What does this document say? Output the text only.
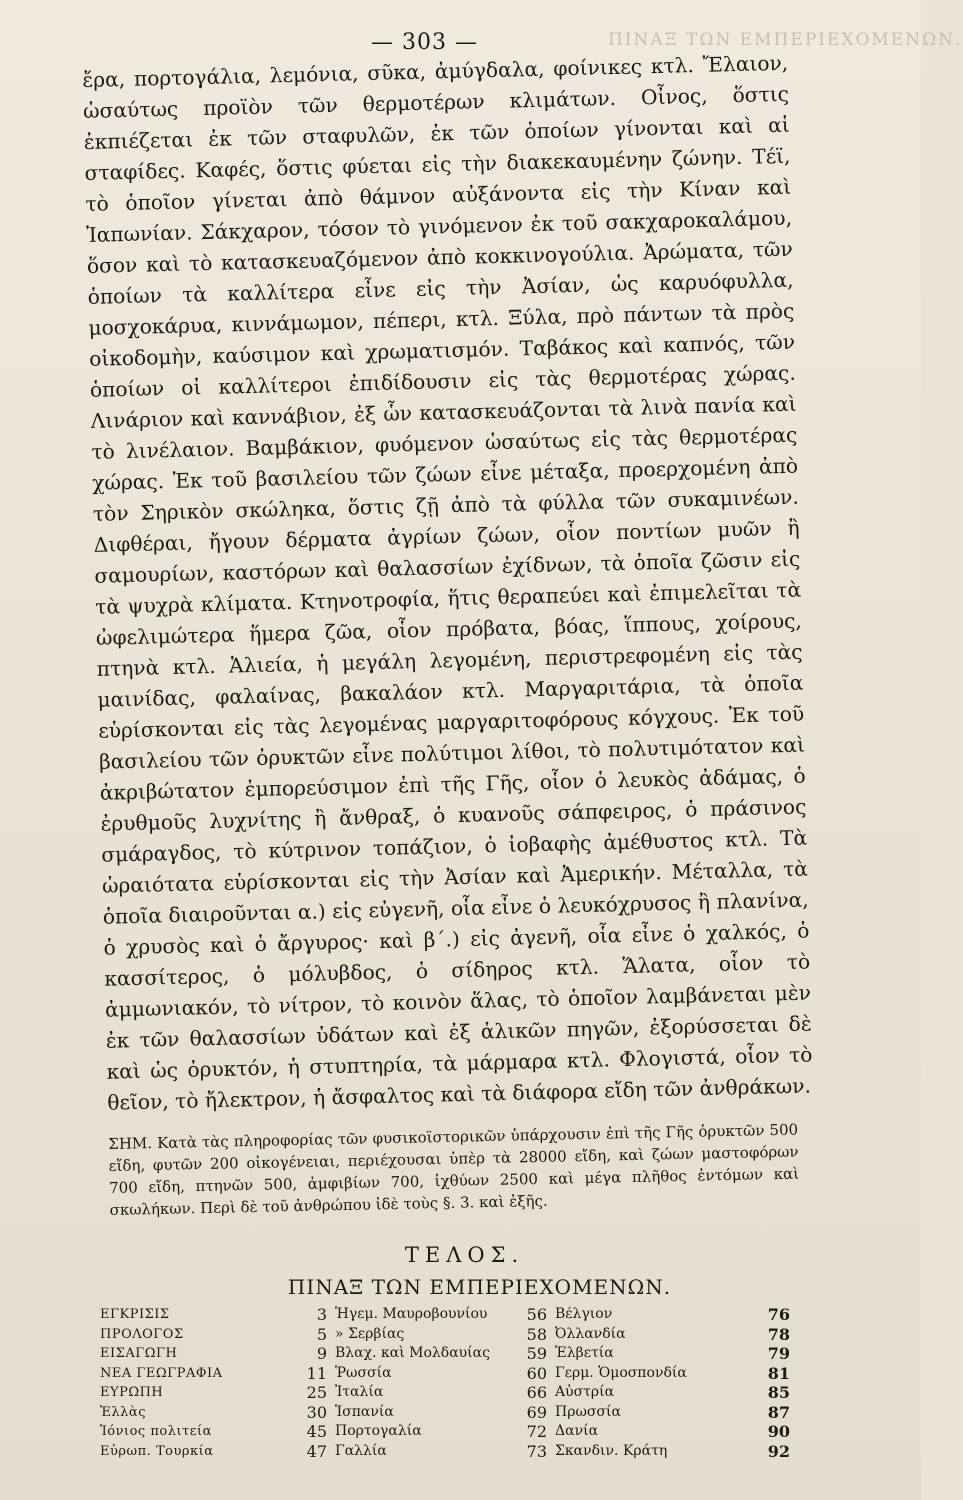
ΠΙΝΑΞ ΤΩΝ ΕΜΠΕΡΙΕΧΟΜΕΝΩΝ.
— 303 —

ἔρα, πορτογάλια, λεμόνια, σῦκα, ἀμύγδαλα, φοίνικες κτλ. Ἔλαιον, ὡσαύτως προϊὸν τῶν θερμοτέρων κλιμάτων. Οἶνος, ὅστις ἐκπιέζεται ἐκ τῶν σταφυλῶν, ἐκ τῶν ὁποίων γίνονται καὶ αἱ σταφίδες. Καφές, ὅστις φύεται εἰς τὴν διακεκαυμένην ζώνην. Τέϊ, τὸ ὁποῖον γίνεται ἀπὸ θάμνον αὐξάνοντα εἰς τὴν Κίναν καὶ Ἰαπωνίαν. Σάκχαρον, τόσον τὸ γινόμενον ἐκ τοῦ σακχαροκαλάμου, ὅσον καὶ τὸ κατασκευαζόμενον ἀπὸ κοκκινογούλια. Ἀρώματα, τῶν ὁποίων τὰ καλλίτερα εἶνε εἰς τὴν Ἀσίαν, ὡς καρυόφυλλα, μοσχοκάρυα, κιννάμωμον, πέπερι, κτλ. Ξύλα, πρὸ πάντων τὰ πρὸς οἰκοδομὴν, καύσιμον καὶ χρωματισμόν. Ταβάκος καὶ καπνός, τῶν ὁποίων οἱ καλλίτεροι ἐπιδίδουσιν εἰς τὰς θερμοτέρας χώρας. Λινάριον καὶ καννάβιον, ἐξ ὧν κατασκευάζονται τὰ λινὰ πανία καὶ τὸ λινέλαιον. Βαμβάκιον, φυόμενον ὡσαύτως εἰς τὰς θερμοτέρας χώρας. Ἐκ τοῦ βασιλείου τῶν ζώων εἶνε μέταξα, προερχομένη ἀπὸ τὸν Σηρικὸν σκώληκα, ὅστις ζῇ ἀπὸ τὰ φύλλα τῶν συκαμινέων. Διφθέραι, ἤγουν δέρματα ἀγρίων ζώων, οἷον ποντίων μυῶν ἢ σαμουρίων, καστόρων καὶ θαλασσίων ἐχίδνων, τὰ ὁποῖα ζῶσιν εἰς τὰ ψυχρὰ κλίματα. Κτηνοτροφία, ἥτις θεραπεύει καὶ ἐπιμελεῖται τὰ ὠφελιμώτερα ἥμερα ζῶα, οἷον πρόβατα, βόας, ἵππους, χοίρους, πτηνὰ κτλ. Ἁλιεία, ἡ μεγάλη λεγομένη, περιστρεφομένη εἰς τὰς μαινίδας, φαλαίνας, βακαλάον κτλ. Μαργαριτάρια, τὰ ὁποῖα εὑρίσκονται εἰς τὰς λεγομένας μαργαριτοφόρους κόγχους. Ἐκ τοῦ βασιλείου τῶν ὀρυκτῶν εἶνε πολύτιμοι λίθοι, τὸ πολυτιμότατον καὶ ἀκριβώτατον ἐμπορεύσιμον ἐπὶ τῆς Γῆς, οἷον ὁ λευκὸς ἀδάμας, ὁ ἐρυθμοῦς λυχνίτης ἢ ἄνθραξ, ὁ κυανοῦς σάπφειρος, ὁ πράσινος σμάραγδος, τὸ κύτρινον τοπάζιον, ὁ ἰοβαφὴς ἀμέθυστος κτλ. Τὰ ὡραιότατα εὑρίσκονται εἰς τὴν Ἀσίαν καὶ Ἀμερικήν. Μέταλλα, τὰ ὁποῖα διαιροῦνται α.) εἰς εὐγενῆ, οἷα εἶνε ὁ λευκόχρυσος ἢ πλανίνα, ὁ χρυσὸς καὶ ὁ ἄργυρος· καὶ β΄.) εἰς ἀγενῆ, οἷα εἶνε ὁ χαλκός, ὁ κασσίτερος, ὁ μόλυβδος, ὁ σίδηρος κτλ. Ἅλατα, οἷον τὸ ἀμμωνιακόν, τὸ νίτρον, τὸ κοινὸν ἅλας, τὸ ὁποῖον λαμβάνεται μὲν ἐκ τῶν θαλασσίων ὑδάτων καὶ ἐξ ἁλικῶν πηγῶν, ἐξορύσσεται δὲ καὶ ὡς ὀρυκτόν, ἡ στυπτηρία, τὰ μάρμαρα κτλ. Φλογιστά, οἷον τὸ θεῖον, τὸ ἤλεκτρον, ἡ ἄσφαλτος καὶ τὰ διάφορα εἴδη τῶν ἀνθράκων.

ΣΗΜ. Κατὰ τὰς πληροφορίας τῶν φυσικοϊστορικῶν ὑπάρχουσιν ἐπὶ τῆς Γῆς ὀρυκτῶν 500 εἴδη, φυτῶν 200 οἰκογένειαι, περιέχουσαι ὑπὲρ τὰ 28000 εἴδη, καὶ ζώων μαστοφόρων 700 εἴδη, πτηνῶν 500, ἀμφιβίων 700, ἰχθύων 2500 καὶ μέγα πλῆθος ἐντόμων καὶ σκωλήκων. Περὶ δὲ τοῦ ἀνθρώπου ἰδὲ τοὺς §. 3. καὶ ἑξῆς.
ΤΕΛΟΣ.
ΠΙΝΑΞ ΤΩΝ ΕΜΠΕΡΙΕΧΟΜΕΝΩΝ.
ΕΓΚΡΙΣΙΣ	3 Ἡγεμ. Μαυροβουνίου	56 Βέλγιον	76
ΠΡΟΛΟΓΟΣ	5 » Σερβίας	58 Ὀλλανδία	78
ΕΙΣΑΓΩΓΗ	9 Βλαχ. καὶ Μολδαυίας	59 Ἑλβετία	79
ΝΕΑ ΓΕΩΓΡΑΦΙΑ	11 Ῥωσσία	60 Γερμ. Ὁμοσπονδία	81
ΕΥΡΩΠΗ	25 Ἰταλία	66 Αὐστρία	85
Ἑλλὰς	30 Ἱσπανία	69 Πρωσσία	87
Ἰόνιος πολιτεία	45 Πορτογαλία	72 Δανία	90
Εὐρωπ. Τουρκία	47 Γαλλία	73 Σκανδιν. Κράτη	92
